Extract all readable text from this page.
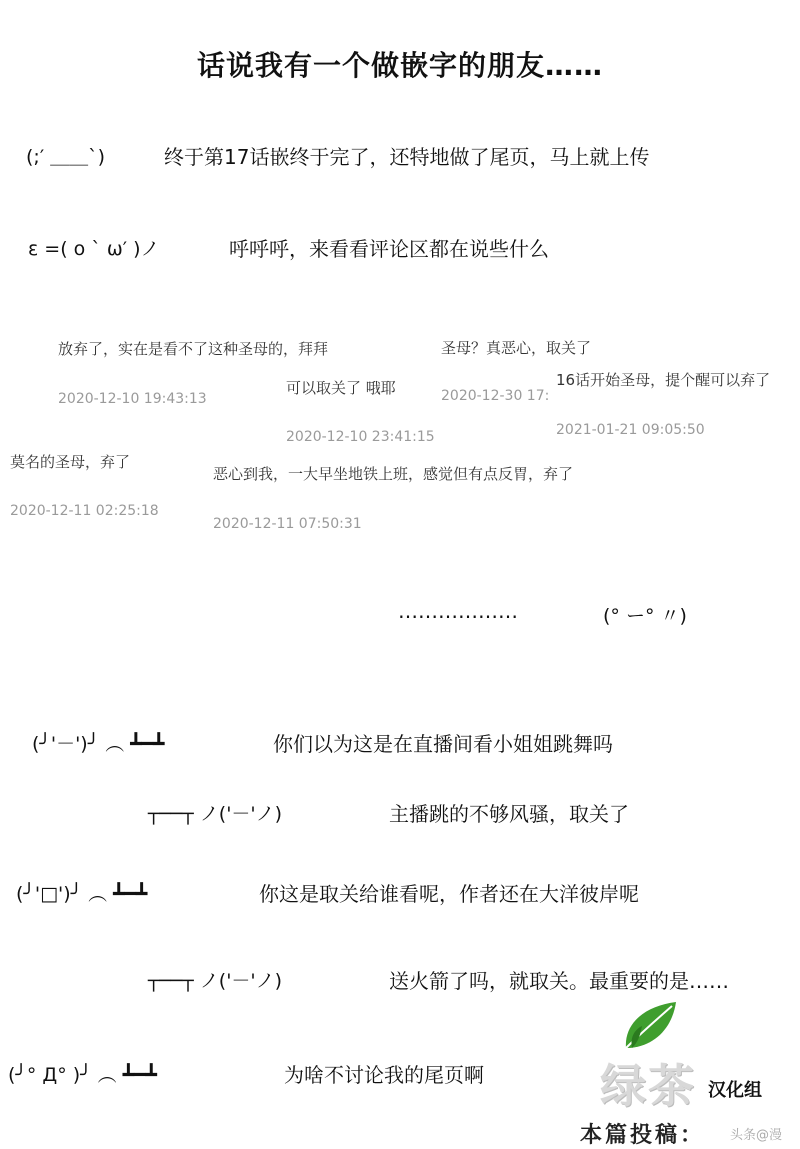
话说我有一个做嵌字的朋友……
(;′ ＿＿`)	终于第17话嵌终于完了，还特地做了尾页，马上就上传
ε =( o ` ω′ )ノ	呼呼呼，来看看评论区都在说些什么
放弃了，实在是看不了这种圣母的，拜拜
2020-12-10 19:43:13
可以取关了 哦耶
2020-12-10 23:41:15
圣母？真恶心，取关了
2020-12-30 17:
16话开始圣母，提个醒可以弃了
2021-01-21 09:05:50
莫名的圣母，弃了
2020-12-11 02:25:18
恶心到我，一大早坐地铁上班，感觉但有点反胃，弃了
2020-12-11 07:50:31
………………	(° ー° 〃)
(╯'－')╯ ︵ ┻━┻	你们以为这是在直播间看小姐姐跳舞吗
┬──┬ ノ('－'ノ)	主播跳的不够风骚，取关了
(╯'□')╯ ︵ ┻━┻	你这是取关给谁看呢，作者还在大洋彼岸呢
┬──┬ ノ('－'ノ)	送火箭了吗，就取关。最重要的是……
(╯° Д° )╯ ︵ ┻━┻	为啥不讨论我的尾页啊	绿茶 汉化组
本篇投稿： 头条@漫
